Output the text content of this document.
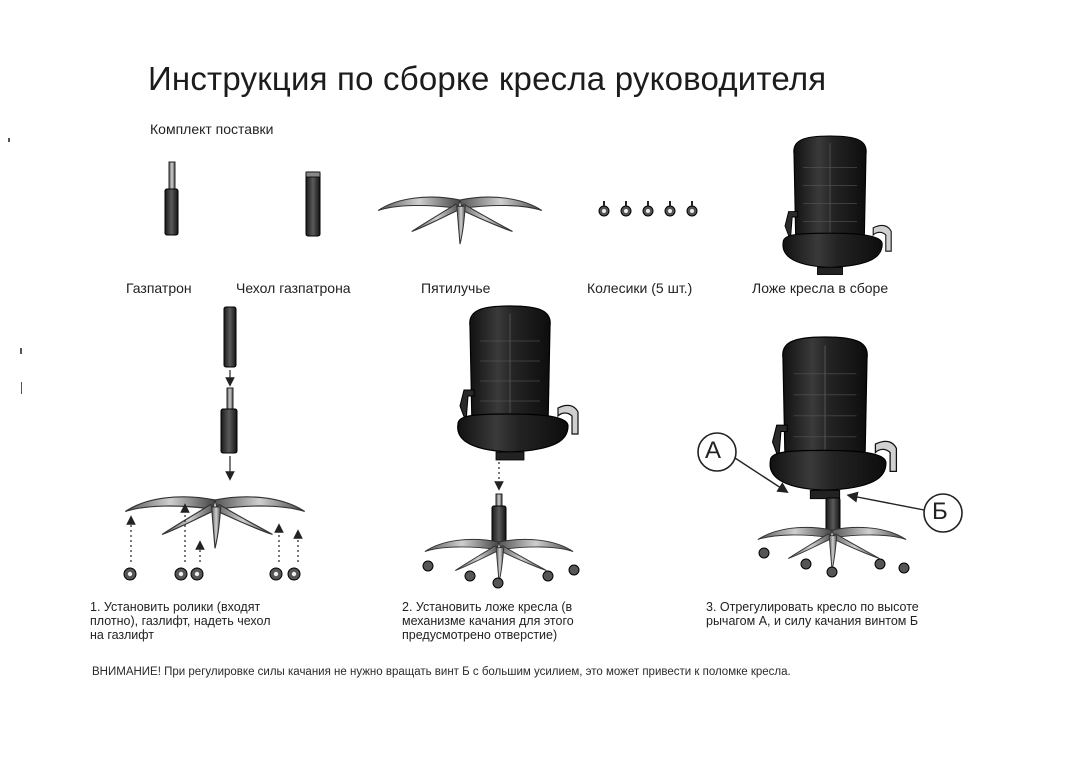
А
Б
Инструкция по сборке кресла руководителя
Комплект поставки
Газпатрон	Чехол газпатрона	Пятилучье	Колесики (5 шт.)	Ложе кресла в сборе
1. Установить ролики (входят
плотно), газлифт, надеть чехол
на газлифт
2. Установить ложе кресла (в
механизме качания для этого
предусмотрено отверстие)
3. Отрегулировать кресло по высоте
рычагом А, и силу качания винтом Б
ВНИМАНИЕ! При регулировке силы качания не нужно вращать винт Б с большим усилием, это может привести к поломке кресла.
